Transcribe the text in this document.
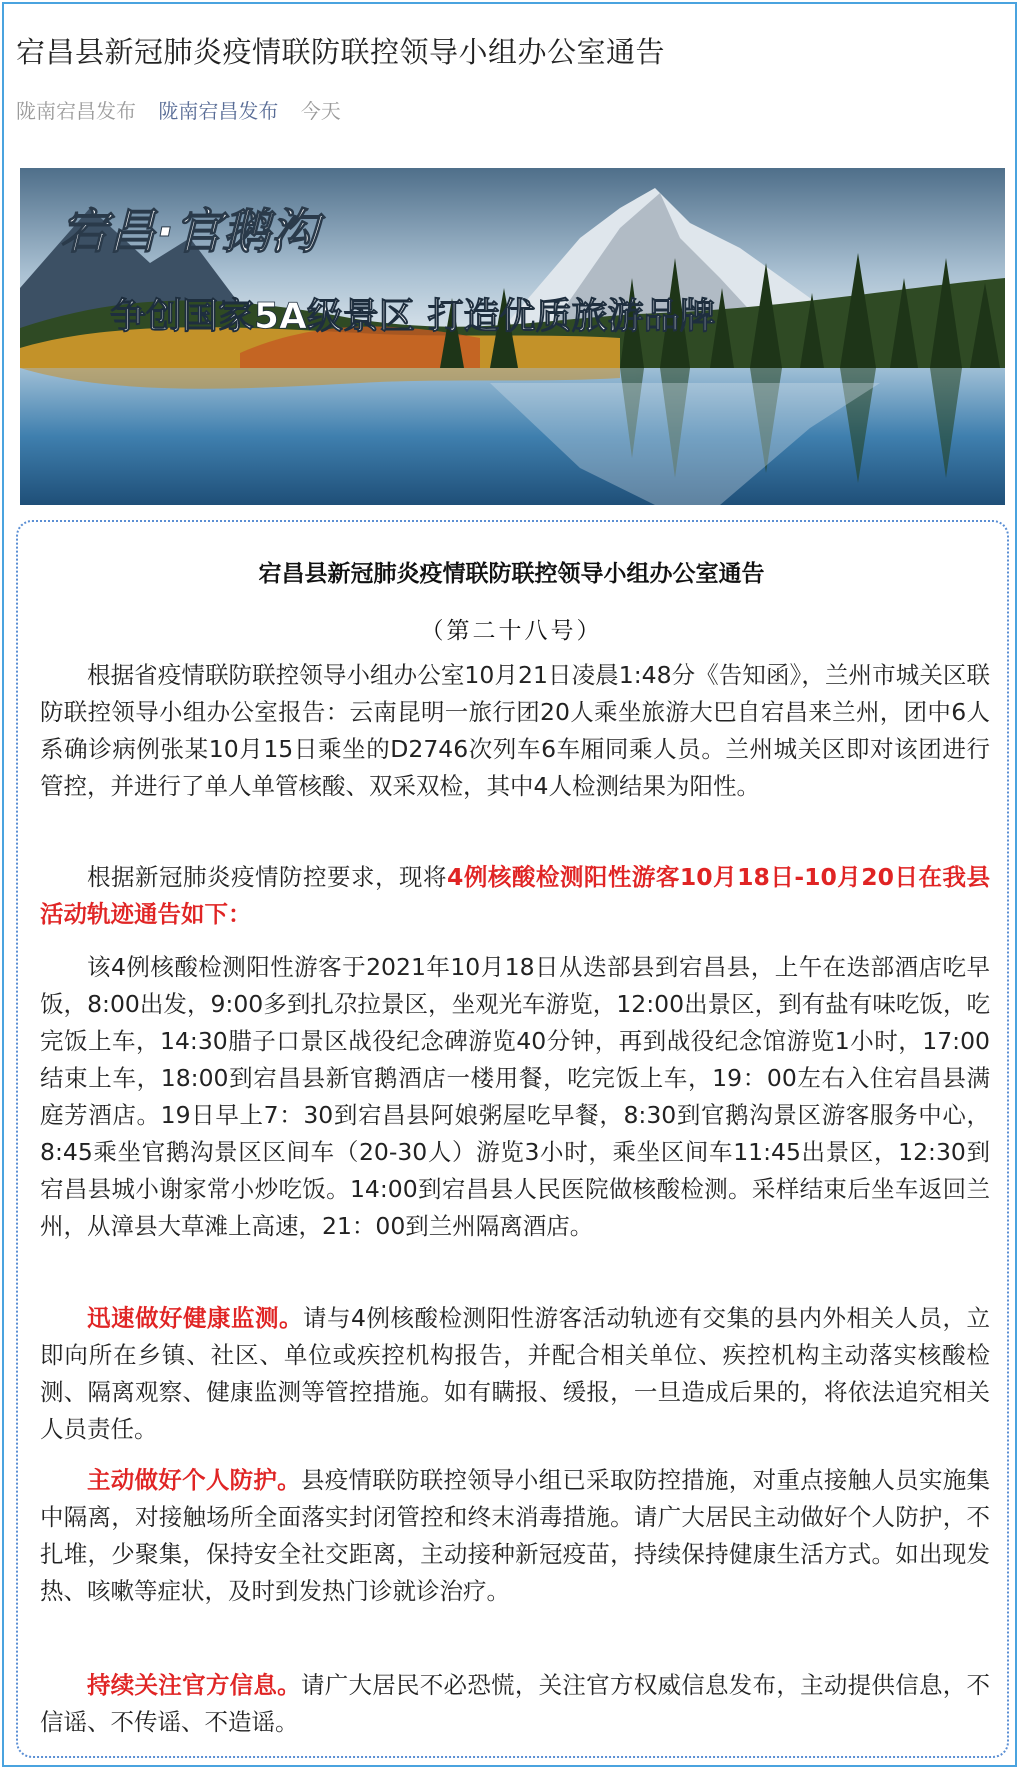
宕昌县新冠肺炎疫情联防联控领导小组办公室通告
陇南宕昌发布 陇南宕昌发布 今天
宕昌·官鹅沟
争创国家5A级景区 打造优质旅游品牌
宕昌县新冠肺炎疫情联防联控领导小组办公室通告
（第二十八号）

根据省疫情联防联控领导小组办公室10月21日凌晨1:48分《告知函》，兰州市城关区联防联控领导小组办公室报告：云南昆明一旅行团20人乘坐旅游大巴自宕昌来兰州，团中6人系确诊病例张某10月15日乘坐的D2746次列车6车厢同乘人员。兰州城关区即对该团进行管控，并进行了单人单管核酸、双采双检，其中4人检测结果为阳性。

根据新冠肺炎疫情防控要求，现将4例核酸检测阳性游客10月18日-10月20日在我县活动轨迹通告如下：

该4例核酸检测阳性游客于2021年10月18日从迭部县到宕昌县，上午在迭部酒店吃早饭，8:00出发，9:00多到扎尕拉景区，坐观光车游览，12:00出景区，到有盐有味吃饭，吃完饭上车，14:30腊子口景区战役纪念碑游览40分钟，再到战役纪念馆游览1小时，17:00结束上车，18:00到宕昌县新官鹅酒店一楼用餐，吃完饭上车，19：00左右入住宕昌县满庭芳酒店。19日早上7：30到宕昌县阿娘粥屋吃早餐，8:30到官鹅沟景区游客服务中心，8:45乘坐官鹅沟景区区间车（20-30人）游览3小时，乘坐区间车11:45出景区，12:30到宕昌县城小谢家常小炒吃饭。14:00到宕昌县人民医院做核酸检测。采样结束后坐车返回兰州，从漳县大草滩上高速，21：00到兰州隔离酒店。

迅速做好健康监测。请与4例核酸检测阳性游客活动轨迹有交集的县内外相关人员，立即向所在乡镇、社区、单位或疾控机构报告，并配合相关单位、疾控机构主动落实核酸检测、隔离观察、健康监测等管控措施。如有瞒报、缓报，一旦造成后果的，将依法追究相关人员责任。

主动做好个人防护。县疫情联防联控领导小组已采取防控措施，对重点接触人员实施集中隔离，对接触场所全面落实封闭管控和终末消毒措施。请广大居民主动做好个人防护，不扎堆，少聚集，保持安全社交距离，主动接种新冠疫苗，持续保持健康生活方式。如出现发热、咳嗽等症状，及时到发热门诊就诊治疗。

持续关注官方信息。请广大居民不必恐慌，关注官方权威信息发布，主动提供信息，不信谣、不传谣、不造谣。
